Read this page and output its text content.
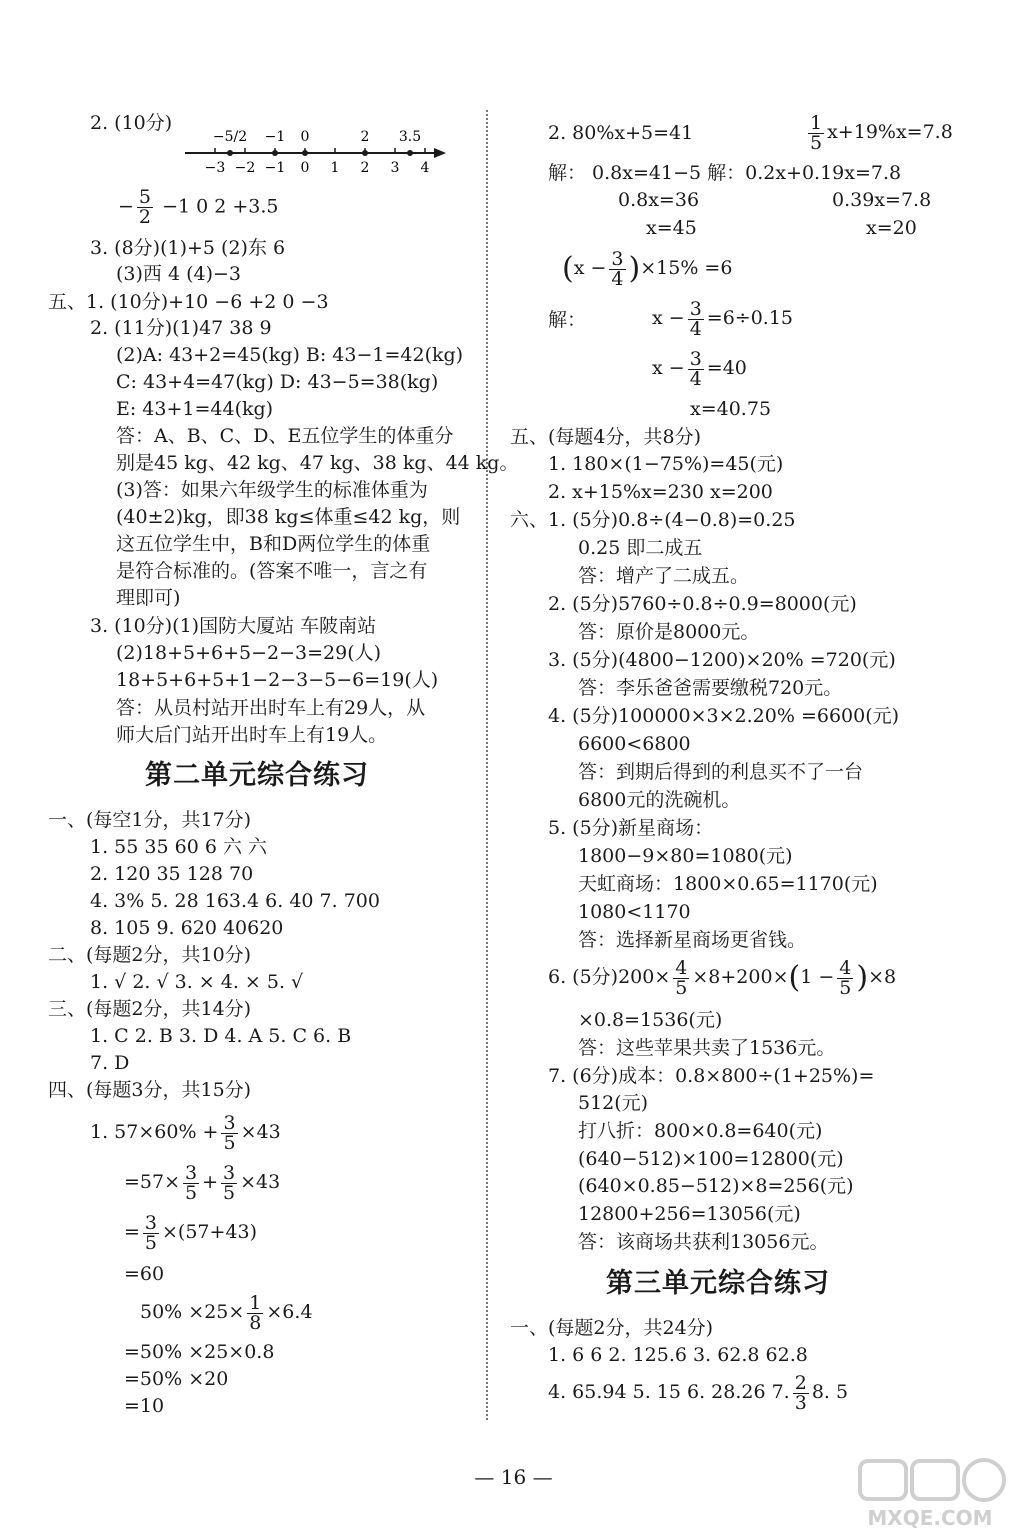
2. (10分)
−3 −2 −1 0 1 2 3 4
−5/2 −1 0	2 3.5
− $\frac{5}{2} -1$ 0 2 +3.5
3. (8分)(1)+5 (2)东 6
(3)西 4 (4)−3
五、1. (10分)+10 −6 +2 0 −3
2. (11分)(1)47 38 9
(2)A: 43+2=45(kg) B: 43−1=42(kg)
C: 43+4=47(kg) D: 43−5=38(kg)
E: 43+1=44(kg)
答：A、B、C、D、E五位学生的体重分
别是45 kg、42 kg、47 kg、38 kg、44 kg。
(3)答：如果六年级学生的标准体重为
(40±2)kg，即38 kg≤体重≤42 kg，则
这五位学生中，B和D两位学生的体重
是符合标准的。(答案不唯一，言之有
理即可)
3. (10分)(1)国防大厦站 车陂南站
(2)18+5+6+5−2−3=29(人)
18+5+6+5+1−2−3−5−6=19(人)
答：从员村站开出时车上有29人，从
师大后门站开出时车上有19人。
第二单元综合练习
一、(每空1分，共17分)
1. 55 35 60 6 六 六
2. 120 35 128 70
4. 3% 5. 28 163.4 6. 40 7. 700
8. 105 9. 620 40620
二、(每题2分，共10分)
1. √ 2. √ 3. × 4. × 5. √
三、(每题2分，共14分)
1. C 2. B 3. D 4. A 5. C 6. B
7. D
四、(每题3分，共15分)
1. $57\times 60\% + \frac{3}{5} \times 43$
$=57\times \frac{3}{5} + \frac{3}{5} \times 43$
= $\frac{3}{5} \times(57+43)$
=60
$50\% \times 25\times \frac{1}{8} \times 6.4$
=50% ×25×0.8
=50% ×20
=10
2. 80%x+5=41	$\frac{1}{5} x+19\%x=7.8$
解： 0.8x=41−5 解：0.2x+0.19x=7.8
0.8x=36	0.39x=7.8
x=45	x=20
$(x - \frac{3}{4} )\times 15\% =6$
解：	$x - \frac{3}{4} =6\div 0.15$
$x - \frac{3}{4} =40$
x=40.75
五、(每题4分，共8分)
1. 180×(1−75%)=45(元)
2. x+15%x=230 x=200
六、1. (5分)0.8÷(4−0.8)=0.25
0.25 即二成五
答：增产了二成五。
2. (5分)5760÷0.8÷0.9=8000(元)
答：原价是8000元。
3. (5分)(4800−1200)×20% =720(元)
答：李乐爸爸需要缴税720元。
4. (5分)100000×3×2.20% =6600(元)
6600<6800
答：到期后得到的利息买不了一台
6800元的洗碗机。
5. (5分)新星商场：
1800−9×80=1080(元)
天虹商场：1800×0.65=1170(元)
1080<1170
答：选择新星商场更省钱。
6. (5分)$200\times \frac{4}{5} \times 8+200\times(1 - \frac{4}{5} )\times 8$
×0.8=1536(元)
答：这些苹果共卖了1536元。
7. (6分)成本：0.8×800÷(1+25%)=
512(元)
打八折：800×0.8=640(元)
(640−512)×100=12800(元)
(640×0.85−512)×8=256(元)
12800+256=13056(元)
答：该商场共获利13056元。
第三单元综合练习
一、(每题2分，共24分)
1. 6 6 2. 125.6 3. 62.8 62.8
4. 65.94 5. 15 6. 28.26 7. $\frac{2}{3} 8$. 5
— 16 —
MXQE.COM
